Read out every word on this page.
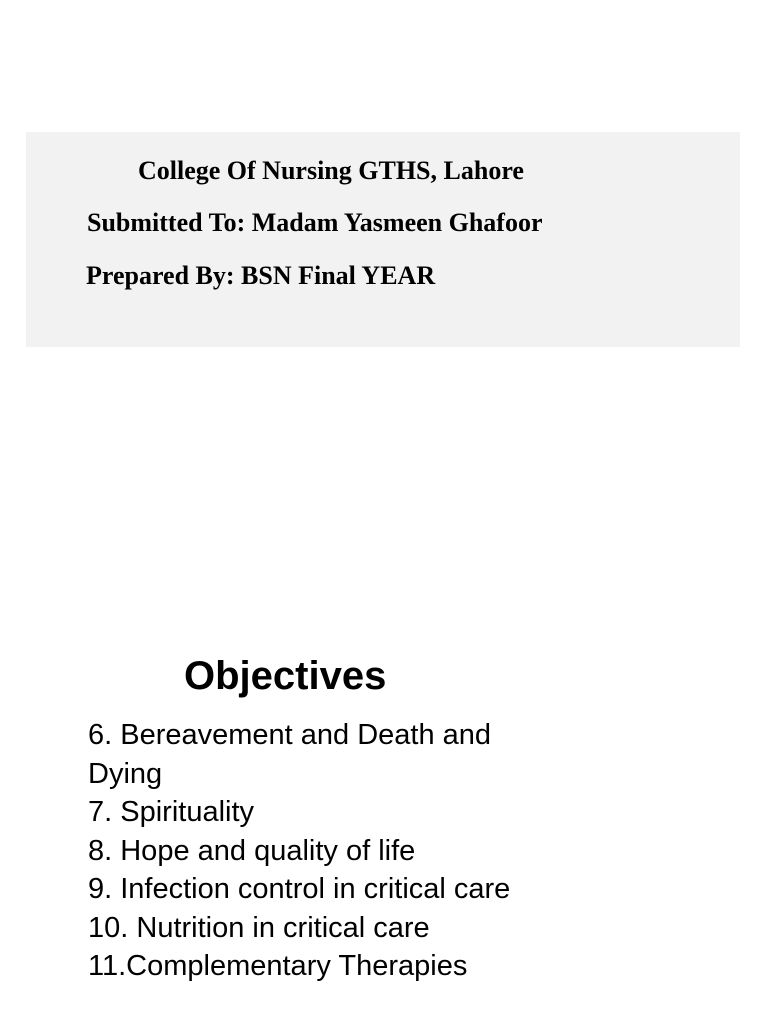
College Of Nursing GTHS, Lahore
Submitted To: Madam Yasmeen Ghafoor
Prepared By: BSN Final YEAR
Objectives
6. Bereavement and Death and Dying
7. Spirituality
8. Hope and quality of life
9. Infection control in critical care
10. Nutrition in critical care
11.Complementary Therapies
